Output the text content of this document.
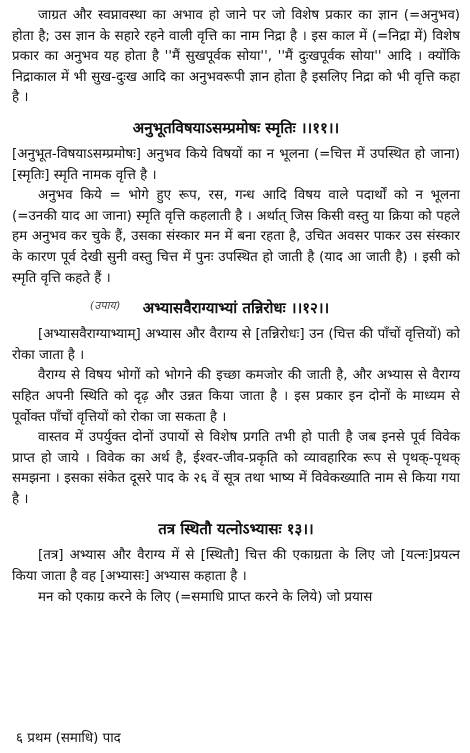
जाग्रत और स्वप्नावस्था का अभाव हो जाने पर जो विशेष प्रकार का ज्ञान (=अनुभव) होता है; उस ज्ञान के सहारे रहने वाली वृत्ति का नाम निद्रा है । इस काल में (=निद्रा में) विशेष प्रकार का अनुभव यह होता है ''मैं सुखपूर्वक सोया'', ''मैं दुःखपूर्वक सोया'' आदि । क्योंकि निद्राकाल में भी सुख-दुःख आदि का अनुभवरूपी ज्ञान होता है इसलिए निद्रा को भी वृत्ति कहा है ।

अनुभूतविषयाऽसम्प्रमोषः स्मृतिः ।।११।।

[अनुभूत-विषयाऽसम्प्रमोषः] अनुभव किये विषयों का न भूलना (=चित्त में उपस्थित हो जाना) [स्मृतिः] स्मृति नामक वृत्ति है ।

अनुभव किये = भोगे हुए रूप, रस, गन्ध आदि विषय वाले पदार्थों को न भूलना (=उनकी याद आ जाना) स्मृति वृत्ति कहलाती है । अर्थात् जिस किसी वस्तु या क्रिया को पहले हम अनुभव कर चुके हैं, उसका संस्कार मन में बना रहता है, उचित अवसर पाकर उस संस्कार के कारण पूर्व देखी सुनी वस्तु चित्त में पुनः उपस्थित हो जाती है (याद आ जाती है) । इसी को स्मृति वृत्ति कहते हैं ।

(उपाय) अभ्यासवैराग्याभ्यां तन्निरोधः ।।१२।।

[अभ्यासवैराग्याभ्याम्] अभ्यास और वैराग्य से [तन्निरोधः] उन (चित्त की पाँचों वृत्तियों) को रोका जाता है ।

वैराग्य से विषय भोगों को भोगने की इच्छा कमजोर की जाती है, और अभ्यास से वैराग्य सहित अपनी स्थिति को दृढ़ और उन्नत किया जाता है । इस प्रकार इन दोनों के माध्यम से पूर्वोक्त पाँचों वृत्तियों को रोका जा सकता है ।

वास्तव में उपर्युक्त दोनों उपायों से विशेष प्रगति तभी हो पाती है जब इनसे पूर्व विवेक प्राप्त हो जाये । विवेक का अर्थ है, ईश्वर-जीव-प्रकृति को व्यावहारिक रूप से पृथक्-पृथक् समझना । इसका संकेत दूसरे पाद के २६ वें सूत्र तथा भाष्य में विवेकख्याति नाम से किया गया है ।

तत्र स्थितौ यत्नोऽभ्यासः १३।।

[तत्र] अभ्यास और वैराग्य में से [स्थितौ] चित्त की एकाग्रता के लिए जो [यत्नः]प्रयत्न किया जाता है वह [अभ्यासः] अभ्यास कहाता है ।

मन को एकाग्र करने के लिए (=समाधि प्राप्त करने के लिये) जो प्रयास

६ प्रथम (समाधि) पाद
